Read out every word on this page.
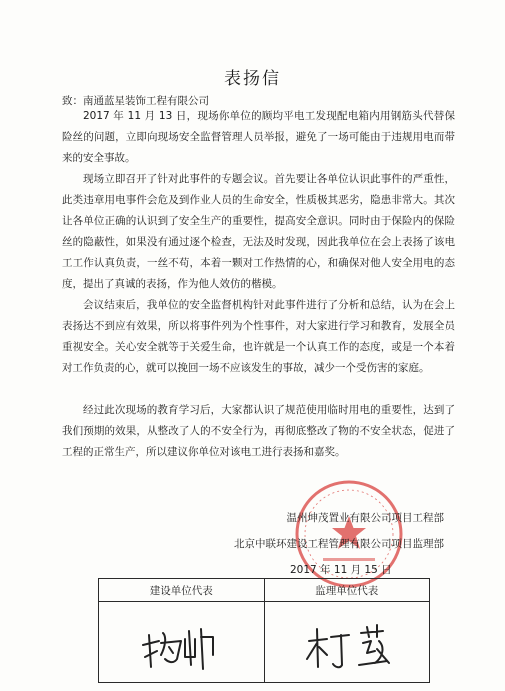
表扬信
致：南通蓝星装饰工程有限公司

2017 年 11 月 13 日，现场你单位的顾均平电工发现配电箱内用钢筋头代替保险丝的问题，立即向现场安全监督管理人员举报，避免了一场可能由于违规用电而带来的安全事故。

现场立即召开了针对此事件的专题会议。首先要让各单位认识此事件的严重性，此类违章用电事件会危及到作业人员的生命安全，性质极其恶劣，隐患非常大。其次让各单位正确的认识到了安全生产的重要性，提高安全意识。同时由于保险内的保险丝的隐蔽性，如果没有通过逐个检查，无法及时发现，因此我单位在会上表扬了该电工工作认真负责，一丝不苟，本着一颗对工作热情的心，和确保对他人安全用电的态度，提出了真诚的表扬，作为他人效仿的楷模。

会议结束后，我单位的安全监督机构针对此事件进行了分析和总结，认为在会上表扬达不到应有效果，所以将事件列为个性事件，对大家进行学习和教育，发展全员重视安全。关心安全就等于关爱生命，也许就是一个认真工作的态度，或是一个本着对工作负责的心，就可以挽回一场不应该发生的事故，减少一个受伤害的家庭。

经过此次现场的教育学习后，大家都认识了规范使用临时用电的重要性，达到了我们预期的效果，从整改了人的不安全行为，再彻底整改了物的不安全状态，促进了工程的正常生产，所以建议你单位对该电工进行表扬和嘉奖。

温州坤茂置业有限公司项目工程部
北京中联环建设工程管理有限公司项目监理部
2017 年 11 月 15 日
建设单位代表	监理单位代表
